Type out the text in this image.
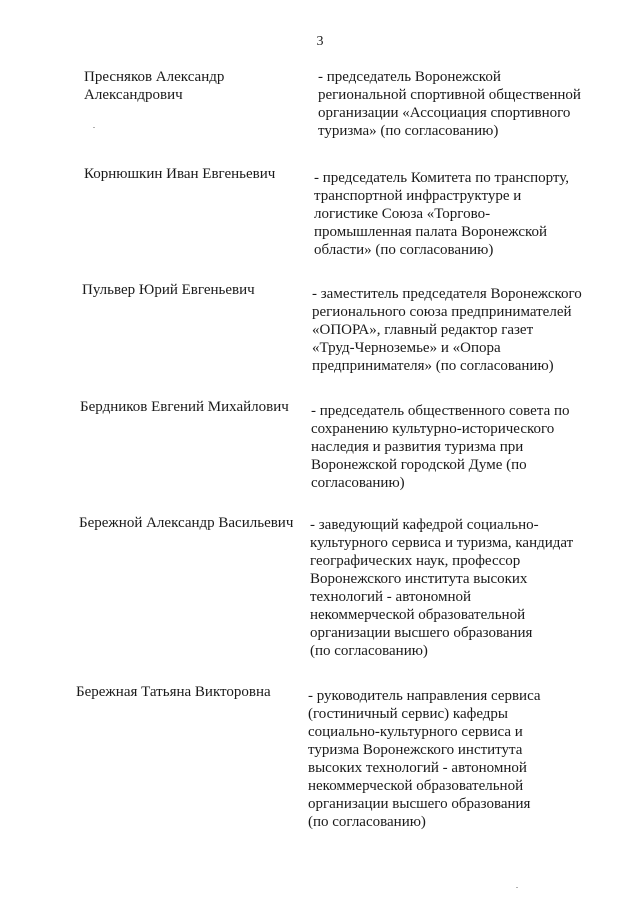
3
Пресняков Александр
Александрович
- председатель Воронежской
региональной спортивной общественной
организации «Ассоциация спортивного
туризма» (по согласованию)
Корнюшкин Иван Евгеньевич	- председатель Комитета по транспорту,
транспортной инфраструктуре и
логистике Союза «Торгово-
промышленная палата Воронежской
области» (по согласованию)
Пульвер Юрий Евгеньевич	- заместитель председателя Воронежского
регионального союза предпринимателей
«ОПОРА», главный редактор газет
«Труд-Черноземье» и «Опора
предпринимателя» (по согласованию)
Бердников Евгений Михайлович	- председатель общественного совета по
сохранению культурно-исторического
наследия и развития туризма при
Воронежской городской Думе (по
согласованию)
Бережной Александр Васильевич	- заведующий кафедрой социально-
культурного сервиса и туризма, кандидат
географических наук, профессор
Воронежского института высоких
технологий - автономной
некоммерческой образовательной
организации высшего образования
(по согласованию)
Бережная Татьяна Викторовна	- руководитель направления сервиса
(гостиничный сервис) кафедры
социально-культурного сервиса и
туризма Воронежского института
высоких технологий - автономной
некоммерческой образовательной
организации высшего образования
(по согласованию)
